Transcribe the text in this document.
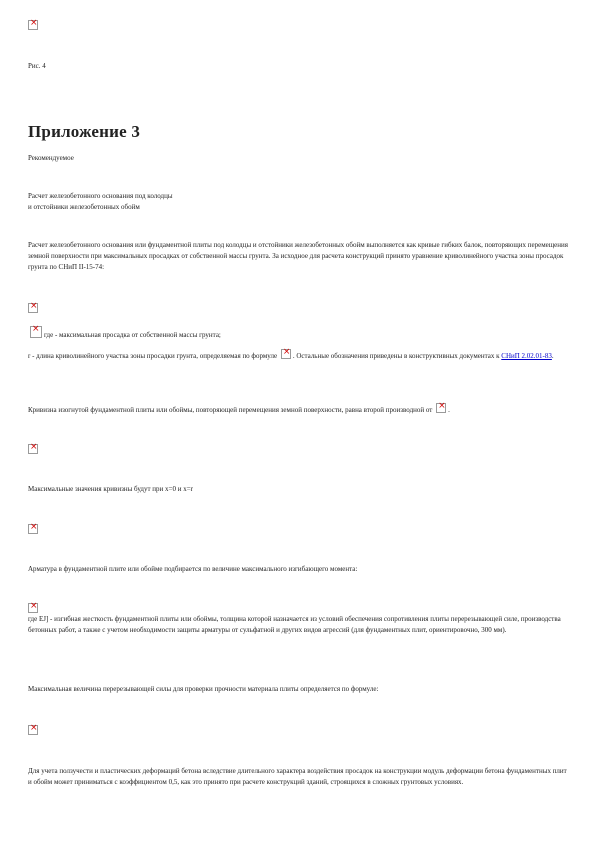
×
Рис. 4
Приложение 3
Рекомендуемое
Расчет железобетонного основания под колодцы
и отстойники железобетонных обойм
Расчет железобетонного основания или фундаментной плиты под колодцы и отстойники железобетонных обойм выполняется как кривые гибких балок, повторяющих перемещения земной поверхности при максимальных просадках от собственной массы грунта. За исходное для расчета конструкций принято уравнение криволинейного участка зоны просадок грунта по СНиП II-15-74:
×
×где - максимальная просадка от собственной массы грунта;
r - длина криволинейного участка зоны просадки грунта, определяемая по формуле ×. Остальные обозначения приведены в конструктивных документах к СНиП 2.02.01-83.
Кривизна изогнутой фундаментной плиты или обоймы, повторяющей перемещения земной поверхности, равна второй производной от ×.
×
Максимальные значения кривизны будут при x=0 и x=r
×
Арматура в фундаментной плите или обойме подбирается по величине максимального изгибающего момента:
×
где EJ] - изгибная жесткость фундаментной плиты или обоймы, толщина которой назначается из условий обеспечения сопротивления плиты перерезывающей силе, производства бетонных работ, а также с учетом необходимости защиты арматуры от сульфатной и других видов агрессий (для фундаментных плит, ориентировочно, 300 мм).
Максимальная величина перерезывающей силы для проверки прочности материала плиты определяется по формуле:
×
Для учета ползучести и пластических деформаций бетона вследствие длительного характера воздействия просадок на конструкции модуль деформации бетона фундаментных плит и обойм может приниматься с коэффициентом 0,5, как это принято при расчете конструкций зданий, строящихся в сложных грунтовых условиях.
